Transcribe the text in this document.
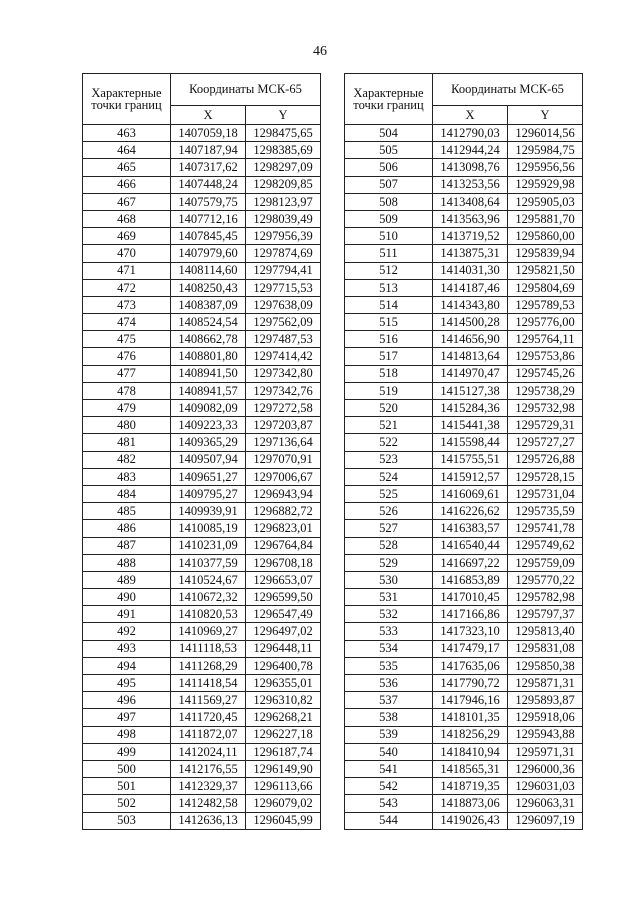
46
Характерные точки границ	Координаты МСК-65	
	X	Y
463	1407059,18	1298475,65
464	1407187,94	1298385,69
465	1407317,62	1298297,09
466	1407448,24	1298209,85
467	1407579,75	1298123,97
468	1407712,16	1298039,49
469	1407845,45	1297956,39
470	1407979,60	1297874,69
471	1408114,60	1297794,41
472	1408250,43	1297715,53
473	1408387,09	1297638,09
474	1408524,54	1297562,09
475	1408662,78	1297487,53
476	1408801,80	1297414,42
477	1408941,50	1297342,80
478	1408941,57	1297342,76
479	1409082,09	1297272,58
480	1409223,33	1297203,87
481	1409365,29	1297136,64
482	1409507,94	1297070,91
483	1409651,27	1297006,67
484	1409795,27	1296943,94
485	1409939,91	1296882,72
486	1410085,19	1296823,01
487	1410231,09	1296764,84
488	1410377,59	1296708,18
489	1410524,67	1296653,07
490	1410672,32	1296599,50
491	1410820,53	1296547,49
492	1410969,27	1296497,02
493	1411118,53	1296448,11
494	1411268,29	1296400,78
495	1411418,54	1296355,01
496	1411569,27	1296310,82
497	1411720,45	1296268,21
498	1411872,07	1296227,18
499	1412024,11	1296187,74
500	1412176,55	1296149,90
501	1412329,37	1296113,66
502	1412482,58	1296079,02
503	1412636,13	1296045,99
Характерные точки границ	Координаты МСК-65	
	X	Y
504	1412790,03	1296014,56
505	1412944,24	1295984,75
506	1413098,76	1295956,56
507	1413253,56	1295929,98
508	1413408,64	1295905,03
509	1413563,96	1295881,70
510	1413719,52	1295860,00
511	1413875,31	1295839,94
512	1414031,30	1295821,50
513	1414187,46	1295804,69
514	1414343,80	1295789,53
515	1414500,28	1295776,00
516	1414656,90	1295764,11
517	1414813,64	1295753,86
518	1414970,47	1295745,26
519	1415127,38	1295738,29
520	1415284,36	1295732,98
521	1415441,38	1295729,31
522	1415598,44	1295727,27
523	1415755,51	1295726,88
524	1415912,57	1295728,15
525	1416069,61	1295731,04
526	1416226,62	1295735,59
527	1416383,57	1295741,78
528	1416540,44	1295749,62
529	1416697,22	1295759,09
530	1416853,89	1295770,22
531	1417010,45	1295782,98
532	1417166,86	1295797,37
533	1417323,10	1295813,40
534	1417479,17	1295831,08
535	1417635,06	1295850,38
536	1417790,72	1295871,31
537	1417946,16	1295893,87
538	1418101,35	1295918,06
539	1418256,29	1295943,88
540	1418410,94	1295971,31
541	1418565,31	1296000,36
542	1418719,35	1296031,03
543	1418873,06	1296063,31
544	1419026,43	1296097,19
